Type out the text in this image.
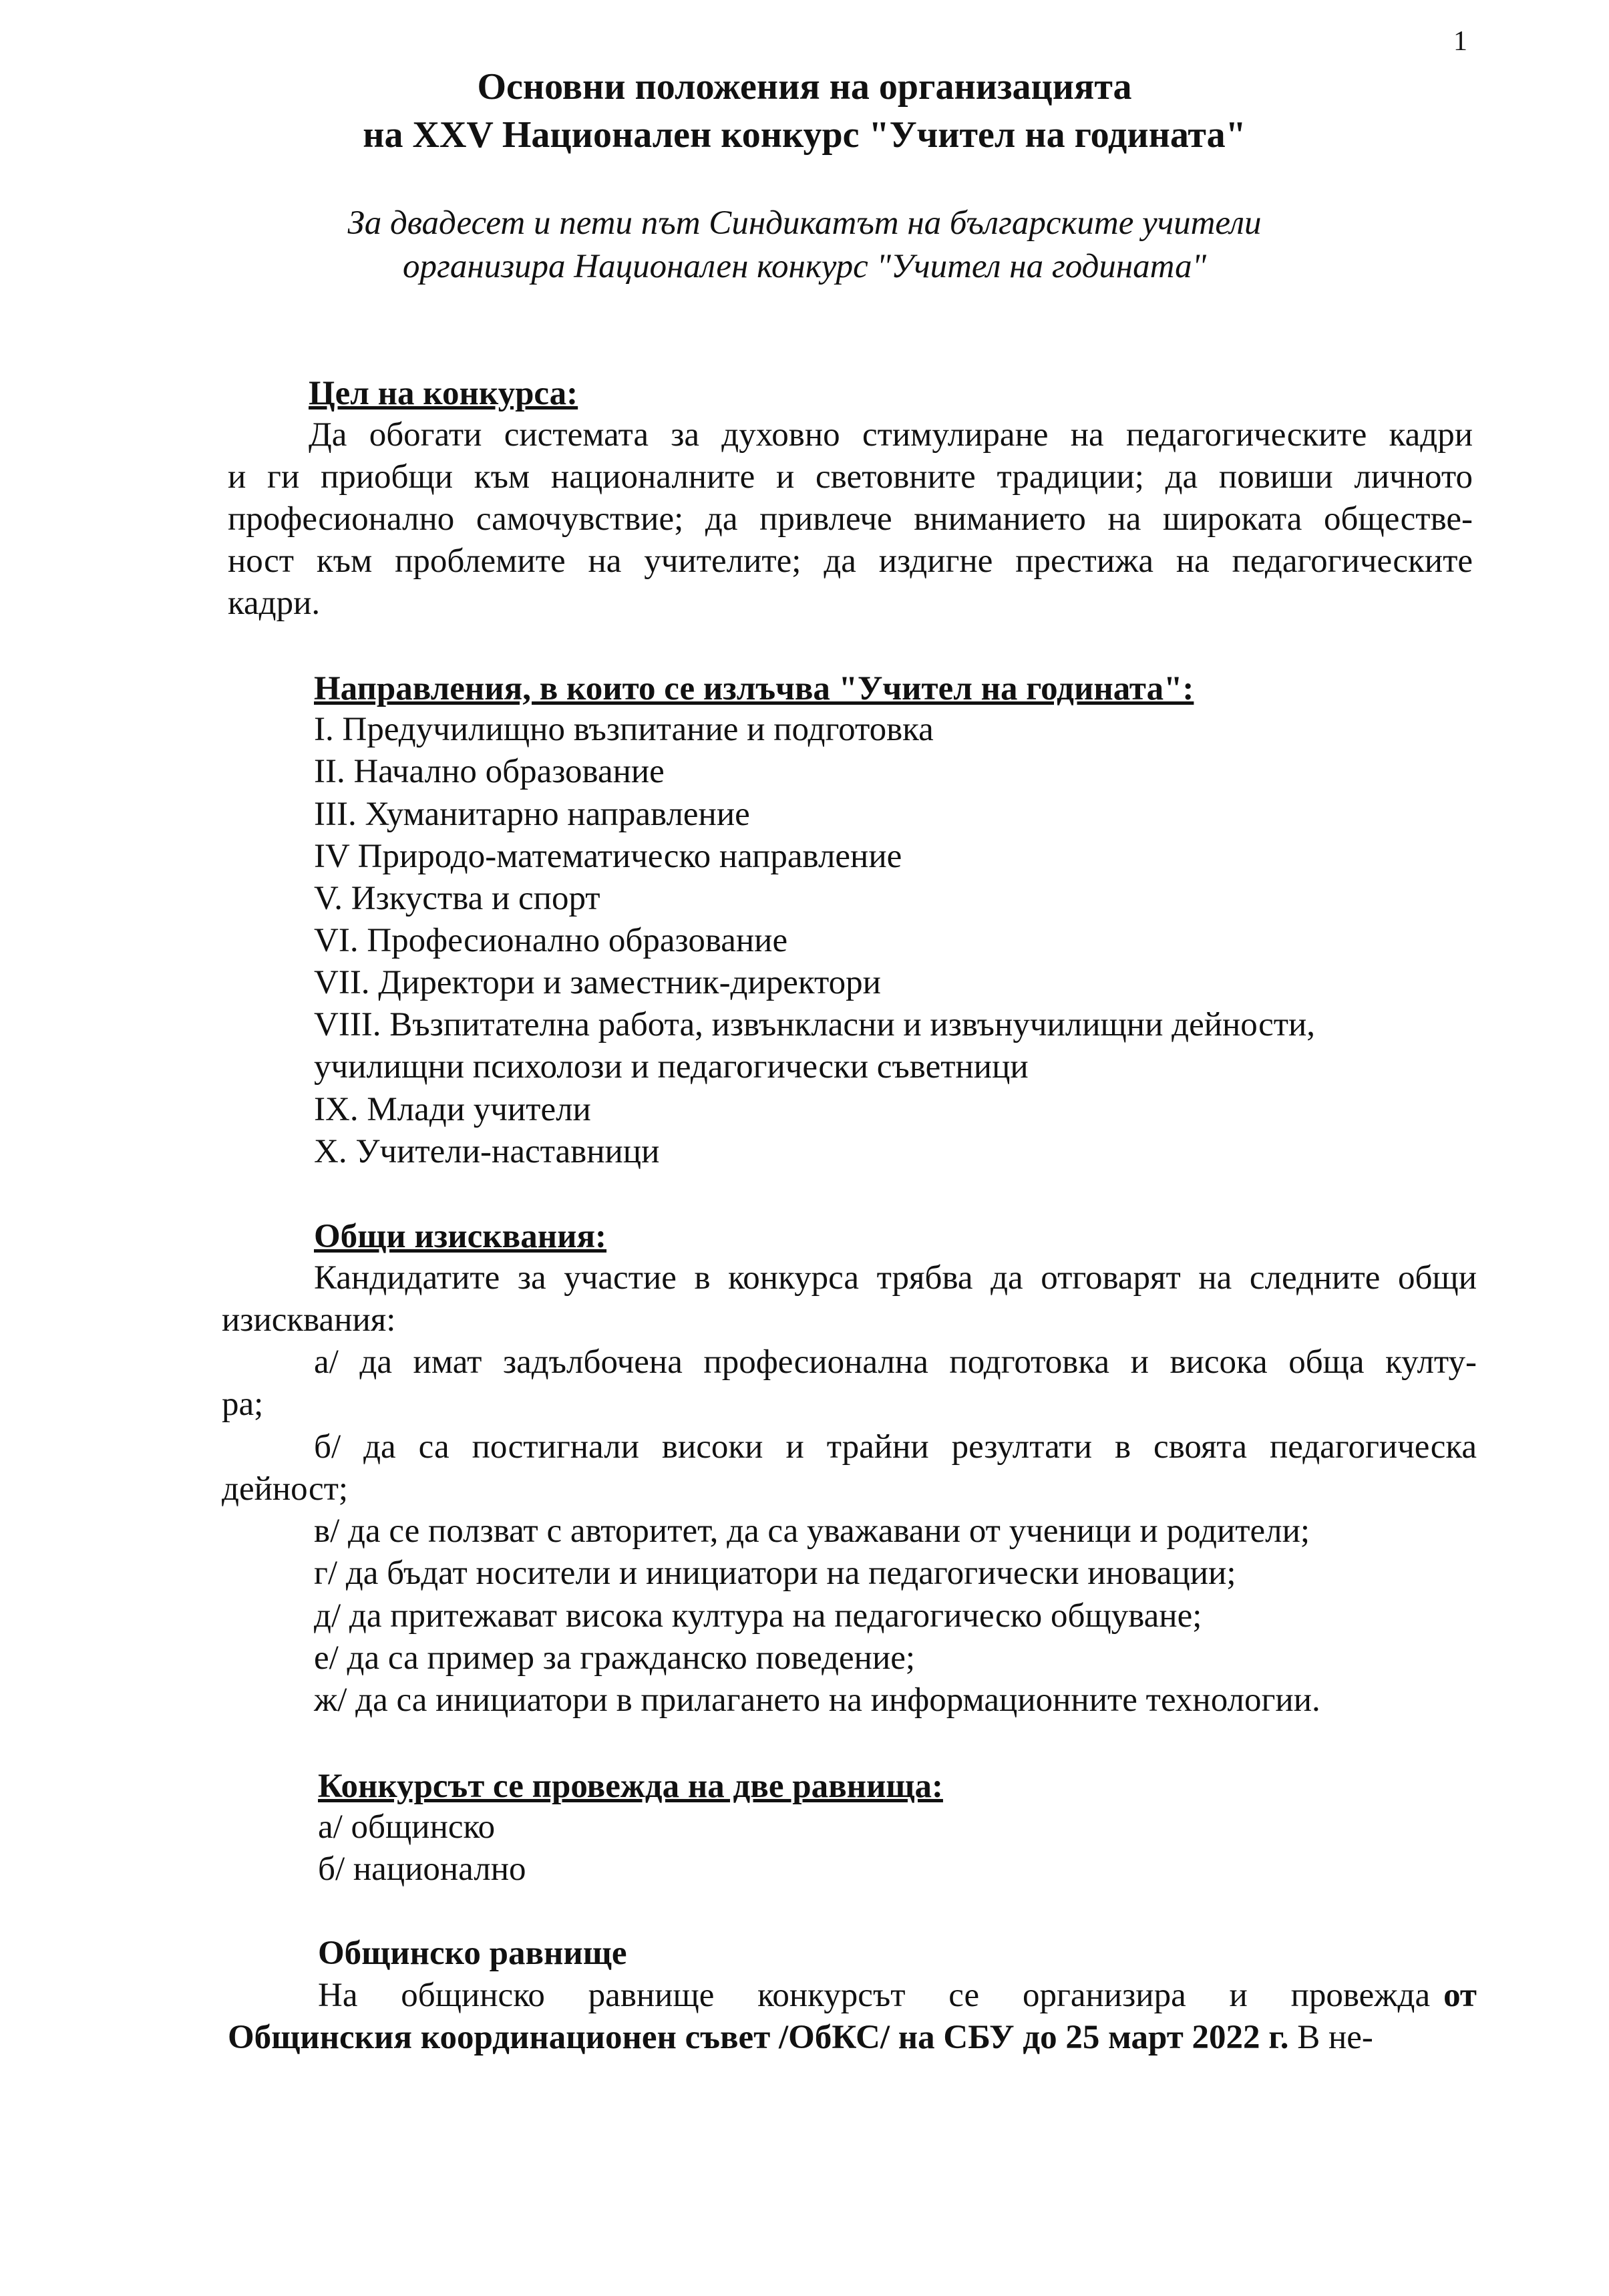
1
Основни положения на организацията
на XXV Национален конкурс "Учител на годината"
За двадесет и пети път Синдикатът на българските учители
организира Национален конкурс "Учител на годината"
Цел на конкурса:
Да обогати системата за духовно стимулиране на педагогическите кадри
и ги приобщи към националните и световните традиции; да повиши личното
професионално самочувствие; да привлече вниманието на широката обществе-
ност към проблемите на учителите; да издигне престижа на педагогическите
кадри.
Направления, в които се излъчва "Учител на годината":
I. Предучилищно възпитание и подготовка
II. Начално образование
III. Хуманитарно направление
IV Природо-математическо направление
V. Изкуства и спорт
VI. Професионално образование
VII. Директори и заместник-директори
VIII. Възпитателна работа, извънкласни и извънучилищни дейности,
училищни психолози и педагогически съветници
IX. Млади учители
X. Учители-наставници
Общи изисквания:
Кандидатите за участие в конкурса трябва да отговарят на следните общи
изисквания:
а/ да имат задълбочена професионална подготовка и висока обща култу-
ра;
б/ да са постигнали високи и трайни резултати в своята педагогическа
дейност;
в/ да се ползват с авторитет, да са уважавани от ученици и родители;
г/ да бъдат носители и инициатори на педагогически иновации;
д/ да притежават висока култура на педагогическо общуване;
е/ да са пример за гражданско поведение;
ж/ да са инициатори в прилагането на информационните технологии.
Конкурсът се провежда на две равнища:
а/ общинско
б/ национално
Общинско равнище
На общинско равнище конкурсът се организира и провежда от
Общинския координационен съвет /ОбКС/ на СБУ до 25 март 2022 г. В не-
